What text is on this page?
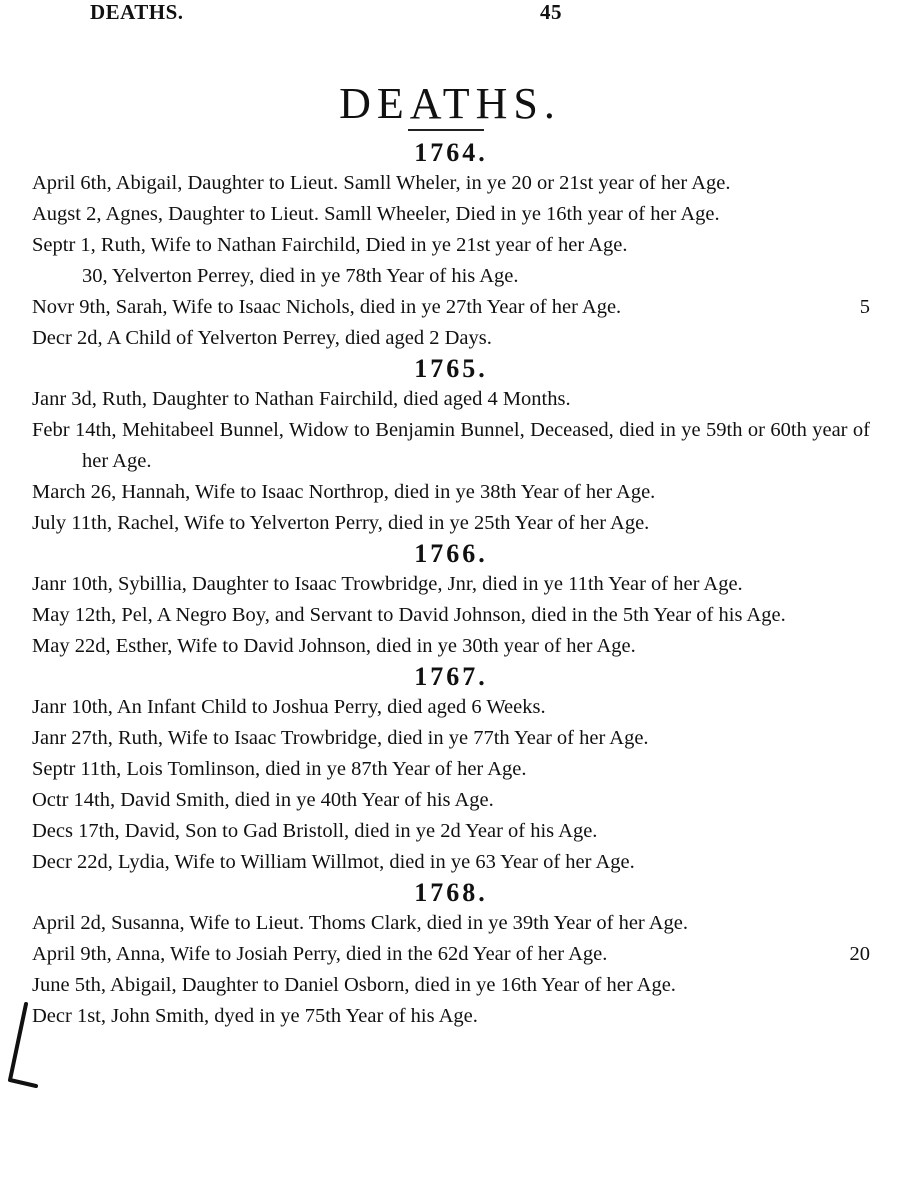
DEATHS.	45
DEATHS.
1764.

April 6th, Abigail, Daughter to Lieut. Samll Wheler, in ye 20 or 21st year of her Age.

Augst 2, Agnes, Daughter to Lieut. Samll Wheeler, Died in ye 16th year of her Age.

Septr 1, Ruth, Wife to Nathan Fairchild, Died in ye 21st year of her Age.

30, Yelverton Perrey, died in ye 78th Year of his Age.

Novr 9th, Sarah, Wife to Isaac Nichols, died in ye 27th Year of her Age.	5

Decr 2d, A Child of Yelverton Perrey, died aged 2 Days.

1765.

Janr 3d, Ruth, Daughter to Nathan Fairchild, died aged 4 Months.

Febr 14th, Mehitabeel Bunnel, Widow to Benjamin Bunnel, Deceased, died in ye 59th or 60th year of her Age.

March 26, Hannah, Wife to Isaac Northrop, died in ye 38th Year of her Age.

July 11th, Rachel, Wife to Yelverton Perry, died in ye 25th Year of her Age.

1766.

Janr 10th, Sybillia, Daughter to Isaac Trowbridge, Jnr, died in ye 11th Year of her Age.

May 12th, Pel, A Negro Boy, and Servant to David Johnson, died in the 5th Year of his Age.

May 22d, Esther, Wife to David Johnson, died in ye 30th year of her Age.

1767.

Janr 10th, An Infant Child to Joshua Perry, died aged 6 Weeks.

Janr 27th, Ruth, Wife to Isaac Trowbridge, died in ye 77th Year of her Age.

Septr 11th, Lois Tomlinson, died in ye 87th Year of her Age.

Octr 14th, David Smith, died in ye 40th Year of his Age.

Decs 17th, David, Son to Gad Bristoll, died in ye 2d Year of his Age.

Decr 22d, Lydia, Wife to William Willmot, died in ye 63 Year of her Age.

1768.

April 2d, Susanna, Wife to Lieut. Thoms Clark, died in ye 39th Year of her Age.
20

April 9th, Anna, Wife to Josiah Perry, died in the 62d Year of her Age.

June 5th, Abigail, Daughter to Daniel Osborn, died in ye 16th Year of her Age.

Decr 1st, John Smith, dyed in ye 75th Year of his Age.
